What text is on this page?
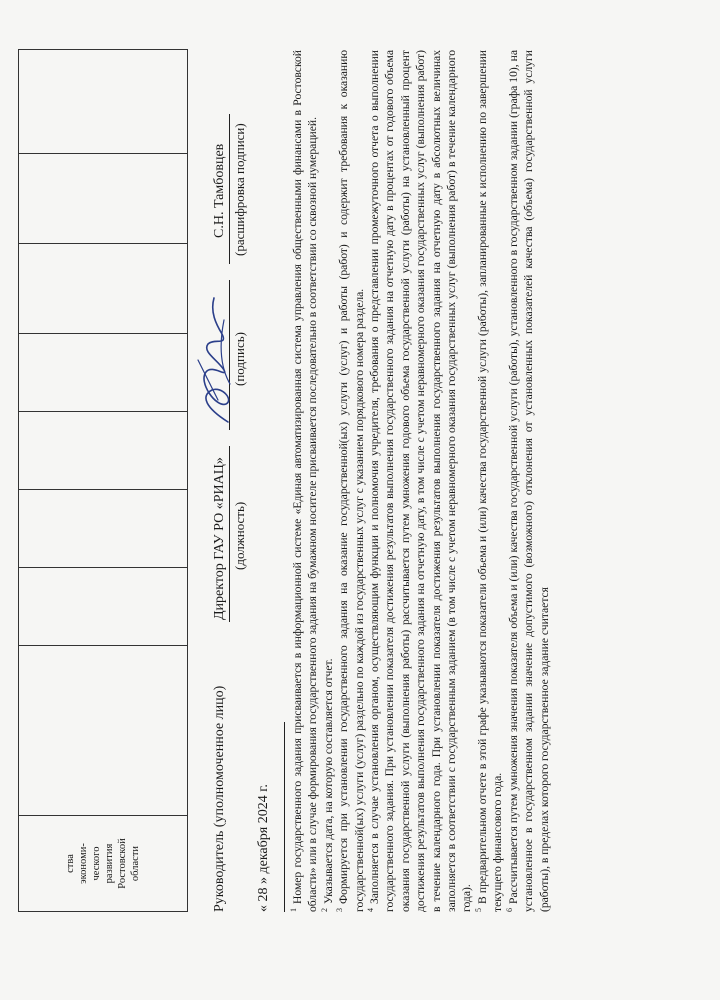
ства экономи- ческого развития Ростовской области
									Руководитель (уполномоченное лицо)
Директор ГАУ РО «РИАЦ» (должность)
(подпись)
С.Н. Тамбовцев (расшифровка подписи)
« 28 » декабря 2024 г. $^1$Номер государственного задания присваивается в информационной системе «Единая автоматизированная система управления общественными финансами в Ростовской области» или в случае формирования государственного задания на бумажном носителе присваивается последовательно в соответствии со сквозной нумерацией. $^2$Указывается дата, на которую составляется отчет.

$^3$Формируется при установлении государственного задания на оказание государственной(ых) услуги (услуг) и работы (работ) и содержит требования к оказанию государственной(ых) услуги (услуг) раздельно по каждой из государственных услуг с указанием порядкового номера раздела. $^4$Заполняется в случае установления органом, осуществляющим функции и полномочия учредителя, требования о представлении промежуточного отчета о выполнении государственного задания. При установлении показателя достижения результатов выполнения государственного задания на отчетную дату в процентах от годового объема оказания государственной услуги (выполнения работы) рассчитывается путем умножения годового объема государственной услуги (работы) на установленный процент достижения результатов выполнения государственного задания на отчетную дату, в том числе с учетом неравномерного оказания государственных услуг (выполнения работ) в течение календарного года. При установлении показателя достижения результатов выполнения государственного задания на отчетную дату в абсолютных величинах заполняется в соответствии с государственным заданием (в том числе с учетом неравномерного оказания государственных услуг (выполнения работ) в течение календарного года). $^5$В предварительном отчете в этой графе указываются показатели объема и (или) качества государственной услуги (работы), запланированные к исполнению по завершении текущего финансового года. $^6$Рассчитывается путем умножения значения показателя объема и (или) качества государственной услуги (работы), установленного в государственном задании (графа 10), на установленное в государственном задании значение допустимого (возможного) отклонения от установленных показателей качества (объема) государственной услуги (работы), в пределах которого государственное задание считается
